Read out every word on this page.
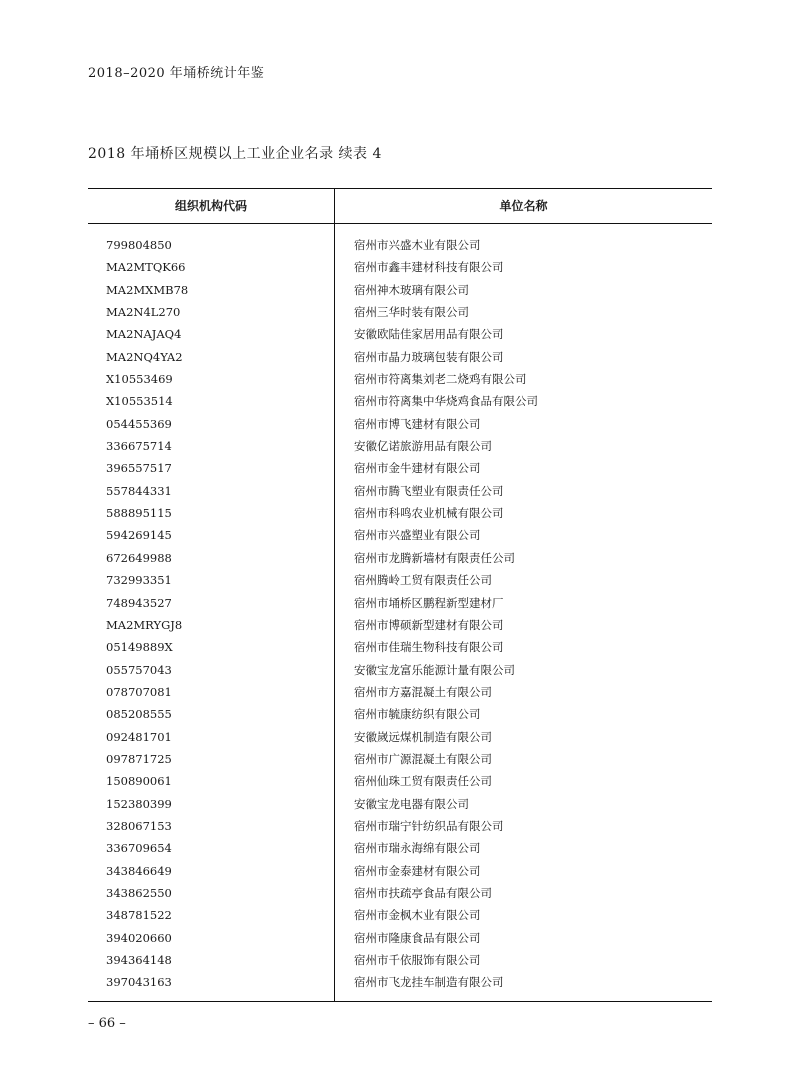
2018–2020 年埇桥统计年鉴
2018 年埇桥区规模以上工业企业名录 续表 4
组织机构代码	单位名称
799804850	宿州市兴盛木业有限公司
MA2MTQK66	宿州市鑫丰建材科技有限公司
MA2MXMB78	宿州神木玻璃有限公司
MA2N4L270	宿州三华时装有限公司
MA2NAJAQ4	安徽欧陆佳家居用品有限公司
MA2NQ4YA2	宿州市晶力玻璃包装有限公司
X10553469	宿州市符离集刘老二烧鸡有限公司
X10553514	宿州市符离集中华烧鸡食品有限公司
054455369	宿州市博飞建材有限公司
336675714	安徽亿诺旅游用品有限公司
396557517	宿州市金牛建材有限公司
557844331	宿州市腾飞塑业有限责任公司
588895115	宿州市科鸣农业机械有限公司
594269145	宿州市兴盛塑业有限公司
672649988	宿州市龙腾新墙材有限责任公司
732993351	宿州腾岭工贸有限责任公司
748943527	宿州市埇桥区鹏程新型建材厂
MA2MRYGJ8	宿州市博硕新型建材有限公司
05149889X	宿州市佳瑞生物科技有限公司
055757043	安徽宝龙富乐能源计量有限公司
078707081	宿州市方嘉混凝土有限公司
085208555	宿州市毓康纺织有限公司
092481701	安徽嵗远煤机制造有限公司
097871725	宿州市广源混凝土有限公司
150890061	宿州仙珠工贸有限责任公司
152380399	安徽宝龙电器有限公司
328067153	宿州市瑞宁针纺织品有限公司
336709654	宿州市瑞永海绵有限公司
343846649	宿州市金泰建材有限公司
343862550	宿州市扶疏亭食品有限公司
348781522	宿州市金枫木业有限公司
394020660	宿州市隆康食品有限公司
394364148	宿州市千依服饰有限公司
397043163	宿州市飞龙挂车制造有限公司
– 66 –
